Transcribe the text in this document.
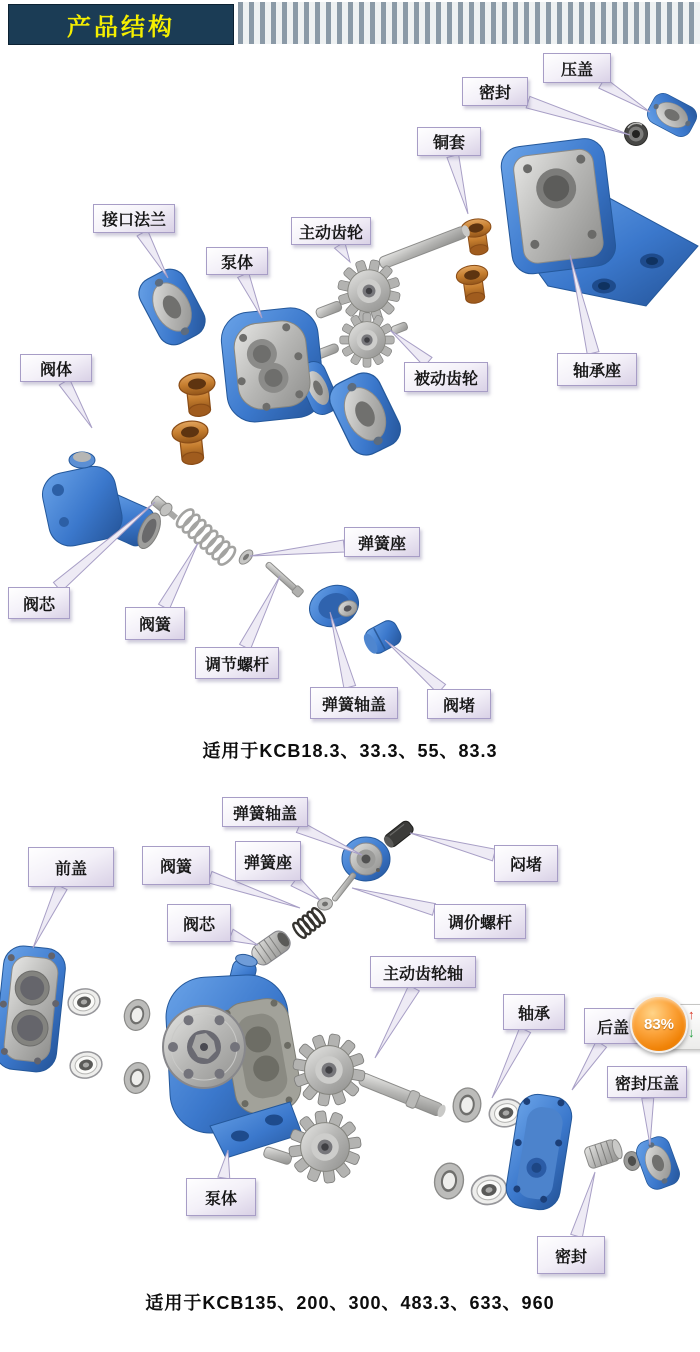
产品结构
压盖
密封
铜套
接口法兰
泵体
主动齿轮
被动齿轮	轴承座
阀体
弹簧座
阀芯
阀簧
调节螺杆
弹簧轴盖	阀堵
适用于KCB18.3、33.3、55、83.3
弹簧轴盖
前盖	阀簧	弹簧座	闷堵
阀芯	调价螺杆
主动齿轮轴
轴承
后盖
密封压盖
泵体
密封
适用于KCB135、200、300、483.3、633、960
83%
↑
↓
